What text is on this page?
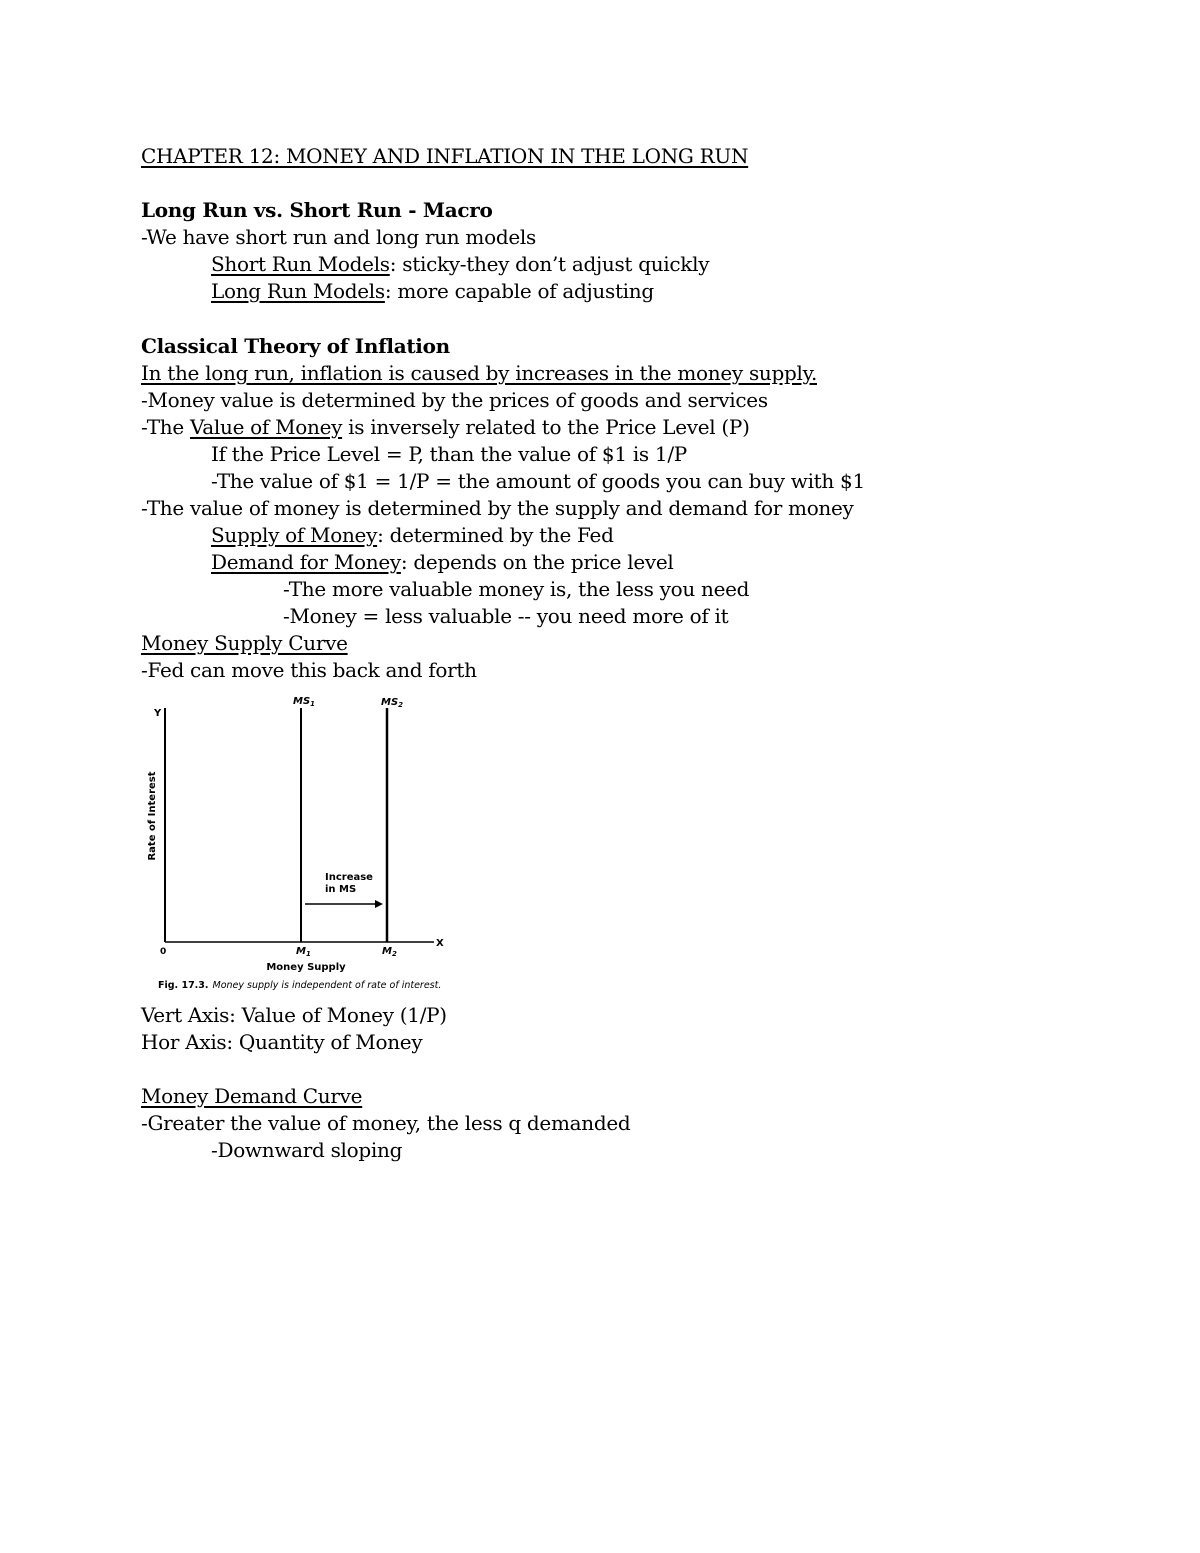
CHAPTER 12: MONEY AND INFLATION IN THE LONG RUN
Long Run vs. Short Run - Macro
-We have short run and long run models
Short Run Models: sticky-they don’t adjust quickly
Long Run Models: more capable of adjusting
Classical Theory of Inflation
In the long run, inflation is caused by increases in the money supply.
-Money value is determined by the prices of goods and services
-The Value of Money is inversely related to the Price Level (P)
If the Price Level = P, than the value of $1 is 1/P
-The value of $1 = 1/P = the amount of goods you can buy with $1
-The value of money is determined by the supply and demand for money
Supply of Money: determined by the Fed
Demand for Money: depends on the price level
-The more valuable money is, the less you need
-Money = less valuable -- you need more of it
Money Supply Curve
-Fed can move this back and forth
Y
X
0
Rate of Interest
$MS_1$	$MS_2$
Increase
in MS
$M_1$	$M_2$
Money Supply
Fig. 17.3. Money supply is independent of rate of interest.
Vert Axis: Value of Money (1/P)
Hor Axis: Quantity of Money
Money Demand Curve
-Greater the value of money, the less q demanded
-Downward sloping
